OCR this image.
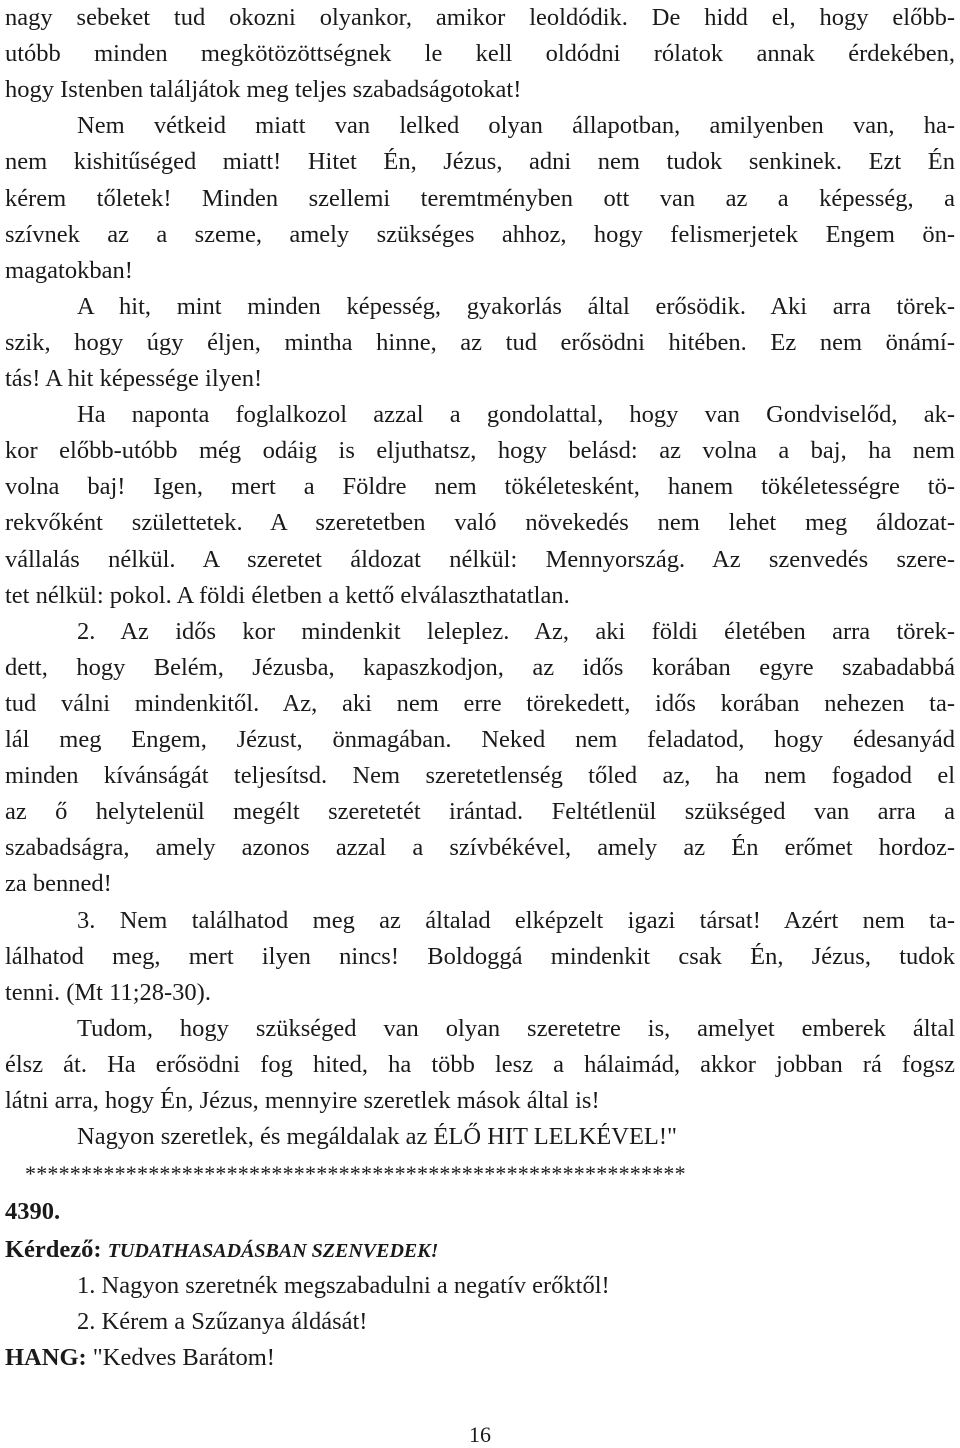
nagy sebeket tud okozni olyankor, amikor leoldódik. De hidd el, hogy előbb-
utóbb minden megkötözöttségnek le kell oldódni rólatok annak érdekében,
hogy Istenben találjátok meg teljes szabadságotokat!
Nem vétkeid miatt van lelked olyan állapotban, amilyenben van, ha-
nem kishitűséged miatt! Hitet Én, Jézus, adni nem tudok senkinek. Ezt Én
kérem tőletek! Minden szellemi teremtményben ott van az a képesség, a
szívnek az a szeme, amely szükséges ahhoz, hogy felismerjetek Engem ön-
magatokban!
A hit, mint minden képesség, gyakorlás által erősödik. Aki arra törek-
szik, hogy úgy éljen, mintha hinne, az tud erősödni hitében. Ez nem önámí-
tás! A hit képessége ilyen!
Ha naponta foglalkozol azzal a gondolattal, hogy van Gondviselőd, ak-
kor előbb-utóbb még odáig is eljuthatsz, hogy belásd: az volna a baj, ha nem
volna baj! Igen, mert a Földre nem tökéletesként, hanem tökéletességre tö-
rekvőként születtetek. A szeretetben való növekedés nem lehet meg áldozat-
vállalás nélkül. A szeretet áldozat nélkül: Mennyország. Az szenvedés szere-
tet nélkül: pokol. A földi életben a kettő elválaszthatatlan.
2. Az idős kor mindenkit leleplez. Az, aki földi életében arra törek-
dett, hogy Belém, Jézusba, kapaszkodjon, az idős korában egyre szabadabbá
tud válni mindenkitől. Az, aki nem erre törekedett, idős korában nehezen ta-
lál meg Engem, Jézust, önmagában. Neked nem feladatod, hogy édesanyád
minden kívánságát teljesítsd. Nem szeretetlenség tőled az, ha nem fogadod el
az ő helytelenül megélt szeretetét irántad. Feltétlenül szükséged van arra a
szabadságra, amely azonos azzal a szívbékével, amely az Én erőmet hordoz-
za benned!
3. Nem találhatod meg az általad elképzelt igazi társat! Azért nem ta-
lálhatod meg, mert ilyen nincs! Boldoggá mindenkit csak Én, Jézus, tudok
tenni. (Mt 11;28-30).
Tudom, hogy szükséged van olyan szeretetre is, amelyet emberek által
élsz át. Ha erősödni fog hited, ha több lesz a hálaimád, akkor jobban rá fogsz
látni arra, hogy Én, Jézus, mennyire szeretlek mások által is!
Nagyon szeretlek, és megáldalak az ÉLŐ HIT LELKÉVEL!"
***********************************************************
4390.
Kérdező: TUDATHASADÁSBAN SZENVEDEK!
1. Nagyon szeretnék megszabadulni a negatív erőktől!
2. Kérem a Szűzanya áldását!
HANG: "Kedves Barátom!
16
